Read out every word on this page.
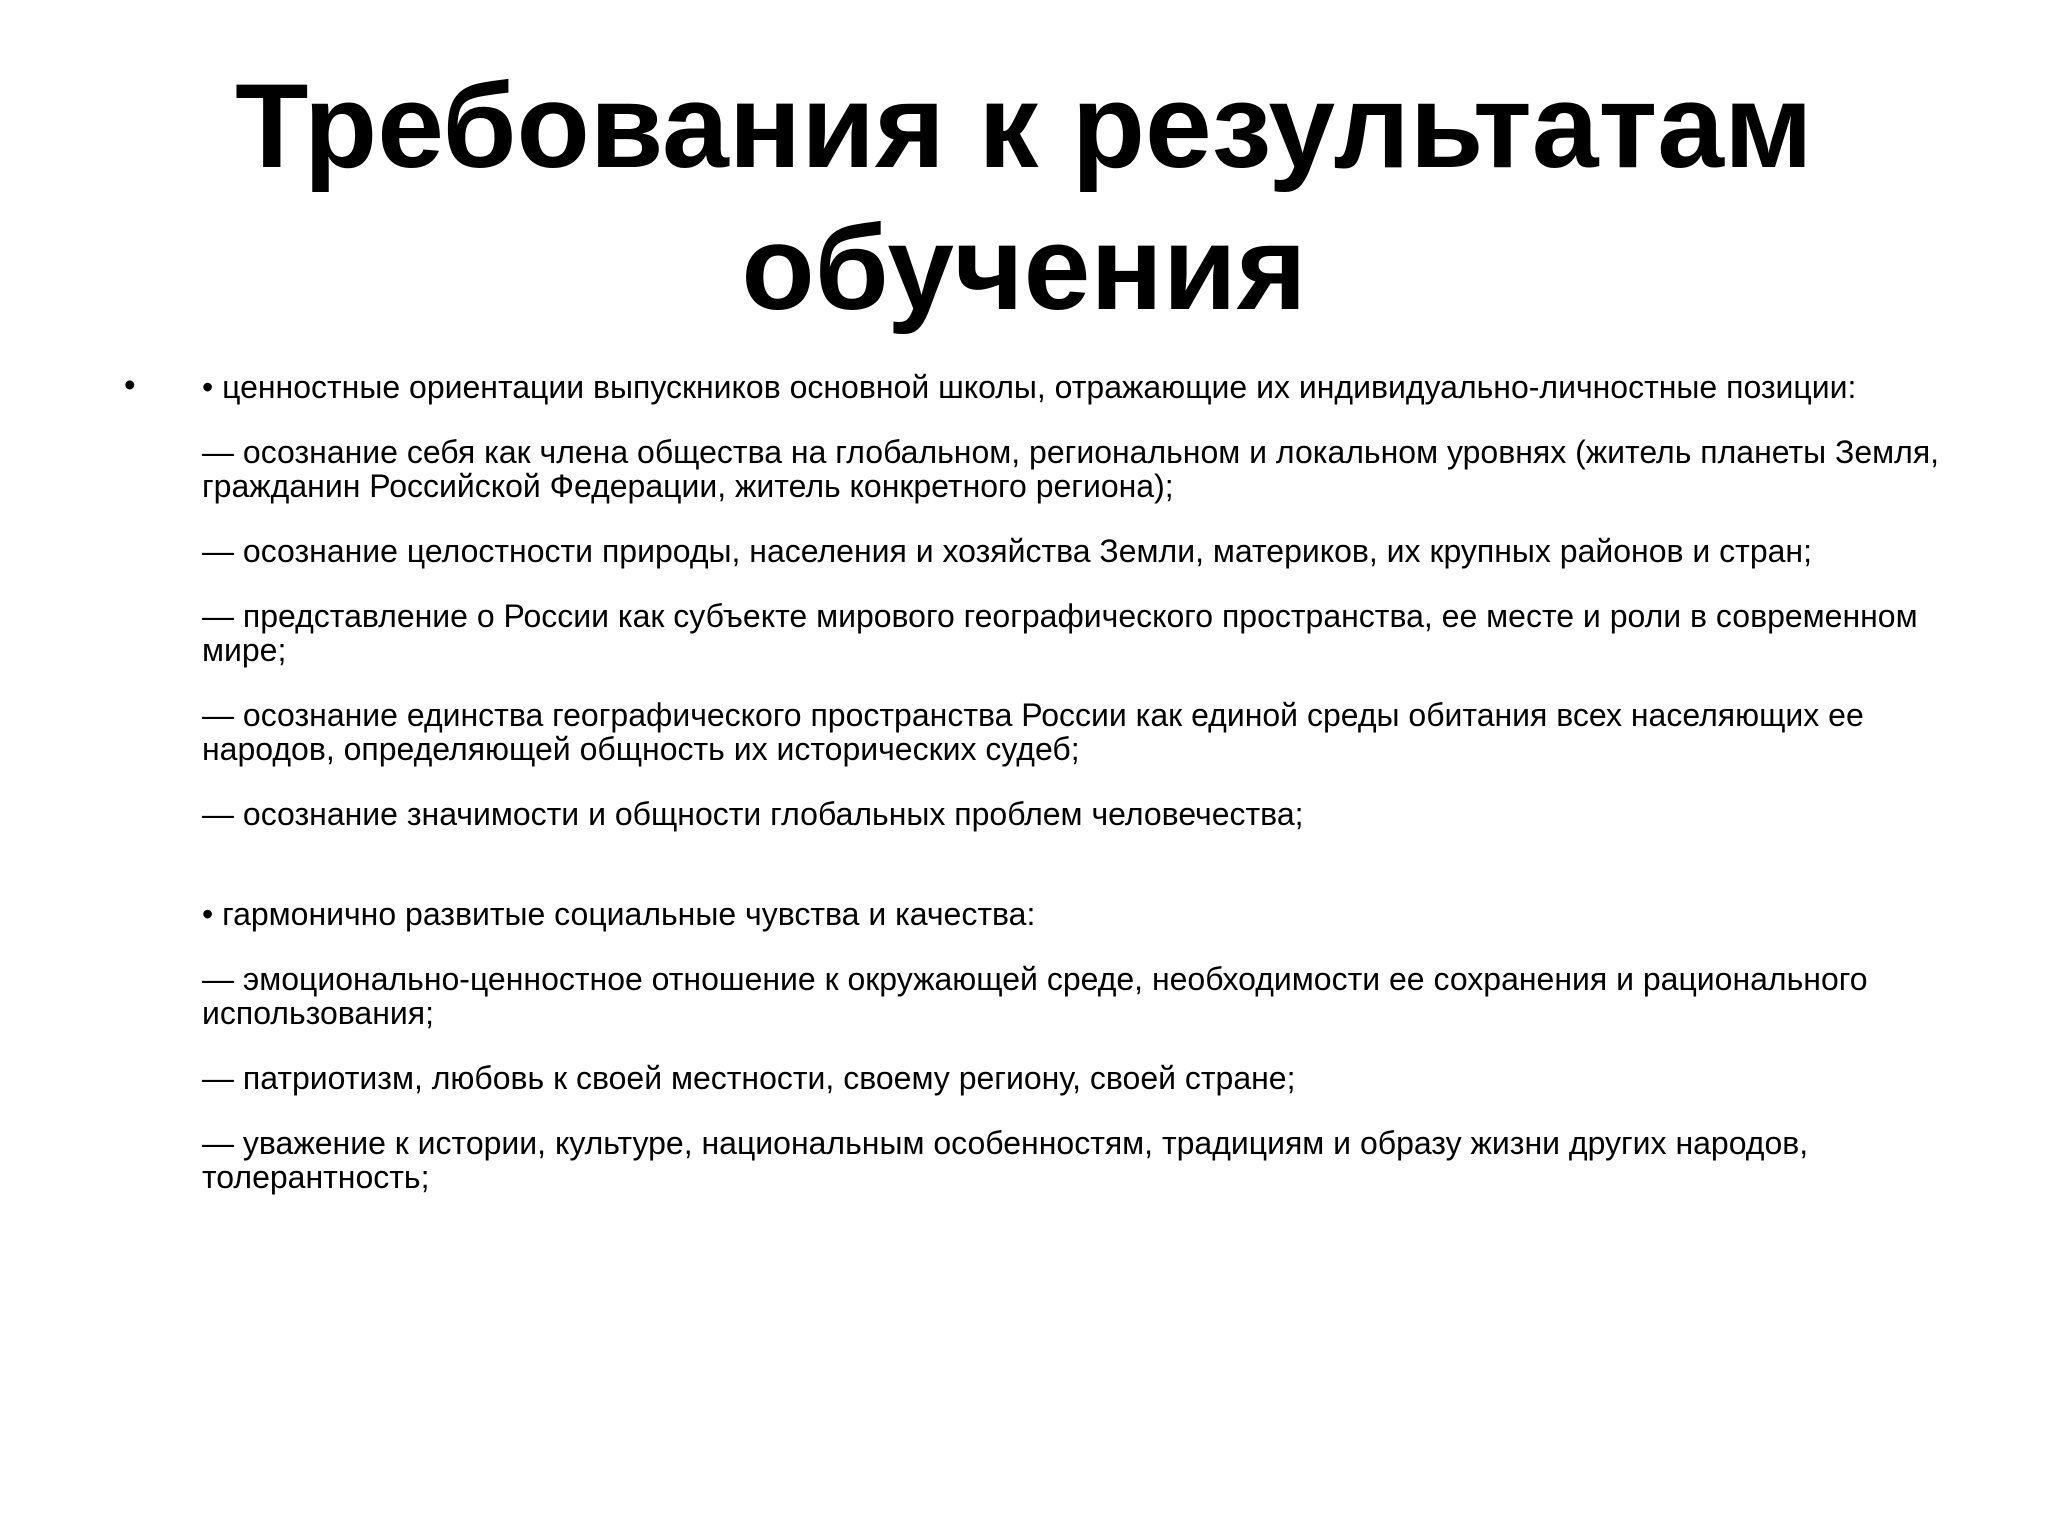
Требования к результатам
обучения
• • ценностные ориентации выпускников основной школы, отражающие их индивидуально-личностные позиции:

— осознание себя как члена общества на глобальном, региональном и локальном уровнях (житель планеты Земля, гражданин Российской Федерации, житель конкретного региона);

— осознание целостности природы, населения и хозяйства Земли, материков, их крупных районов и стран;

— представление о России как субъекте мирового географического пространства, ее месте и роли в современном мире;

— осознание единства географического пространства России как единой среды обитания всех населяющих ее народов, определяющей общность их исторических судеб;

— осознание значимости и общности глобальных проблем человечества;

• гармонично развитые социальные чувства и качества:

— эмоционально-ценностное отношение к окружающей среде, необходимости ее сохранения и рационального использования;

— патриотизм, любовь к своей местности, своему региону, своей стране;

— уважение к истории, культуре, национальным особенностям, традициям и образу жизни других народов, толерантность;
